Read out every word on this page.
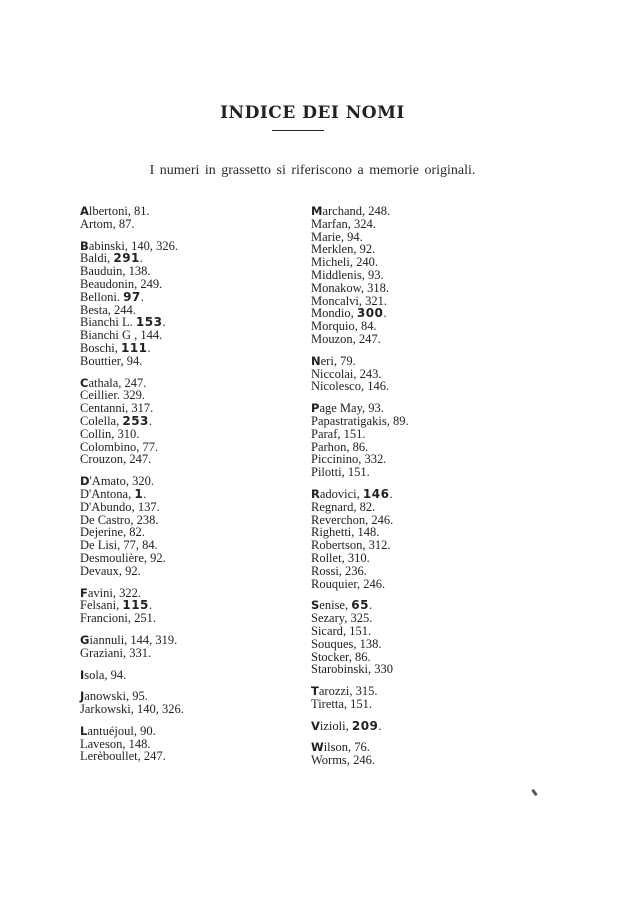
INDICE DEI NOMI
I numeri in grassetto si riferiscono a memorie originali.
Albertoni, 81.
Artom, 87.
Babinski, 140, 326.
Baldi, 291.
Bauduin, 138.
Beaudonin, 249.
Belloni. 97.
Besta, 244.
Bianchi L. 153.
Bianchi G , 144.
Boschi, 111.
Bouttier, 94.
Cathala, 247.
Ceillier. 329.
Centanni, 317.
Colella, 253.
Collin, 310.
Colombino, 77.
Crouzon, 247.
D'Amato, 320.
D'Antona, 1.
D'Abundo, 137.
De Castro, 238.
Dejerine, 82.
De Lisi, 77, 84.
Desmoulière, 92.
Devaux, 92.
Favini, 322.
Felsani, 115.
Francioni, 251.
Giannuli, 144, 319.
Graziani, 331.
Isola, 94.
Janowski, 95.
Jarkowski, 140, 326.
Lantuéjoul, 90.
Laveson, 148.
Lerèboullet, 247.
Marchand, 248.
Marfan, 324.
Marie, 94.
Merklen, 92.
Micheli, 240.
Middlenis, 93.
Monakow, 318.
Moncalvi, 321.
Mondio, 300.
Morquio, 84.
Mouzon, 247.
Neri, 79.
Niccolai, 243.
Nicolesco, 146.
Page May, 93.
Papastratigakis, 89.
Paraf, 151.
Parhon, 86.
Piccinino, 332.
Pilotti, 151.
Radovici, 146.
Regnard, 82.
Reverchon, 246.
Righetti, 148.
Robertson, 312.
Rollet, 310.
Rossi, 236.
Rouquier, 246.
Senise, 65.
Sezary, 325.
Sicard, 151.
Souques, 138.
Stocker, 86.
Starobinski, 330
Tarozzi, 315.
Tiretta, 151.
Vizioli, 209.
Wilson, 76.
Worms, 246.
